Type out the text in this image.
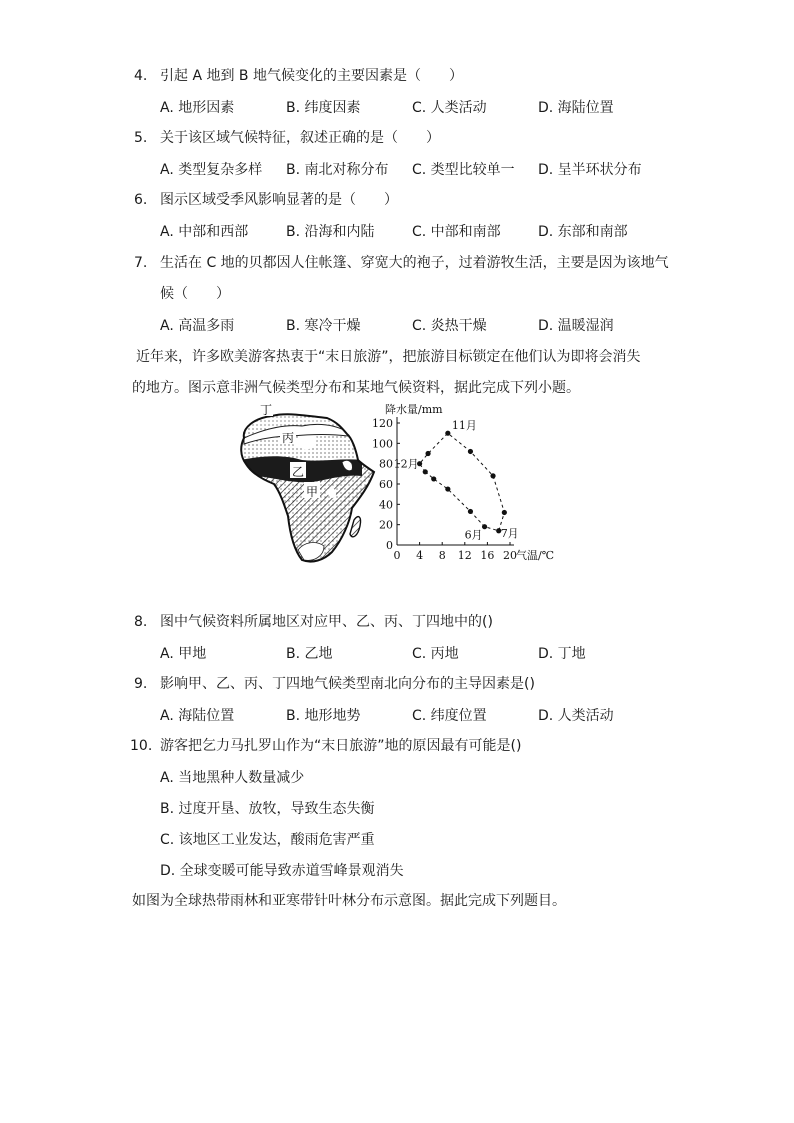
4. 引起 A 地到 B 地气候变化的主要因素是（　　）
A. 地形因素	B. 纬度因素	C. 人类活动	D. 海陆位置
5. 关于该区域气候特征，叙述正确的是（　　）
A. 类型复杂多样 B. 南北对称分布 C. 类型比较单一 D. 呈半环状分布
6. 图示区域受季风影响显著的是（　　）
A. 中部和西部	B. 沿海和内陆	C. 中部和南部	D. 东部和南部
7. 生活在 C 地的贝都因人住帐篷、穿宽大的袍子，过着游牧生活，主要是因为该地气
候（　　）
A. 高温多雨	B. 寒冷干燥	C. 炎热干燥	D. 温暖湿润
近年来，许多欧美游客热衷于“末日旅游”，把旅游目标锁定在他们认为即将会消失
的地方。图示意非洲气候类型分布和某地气候资料，据此完成下列小题。
丁
丙
乙
甲
降水量/mm
气温/℃
0
20
40
60
80
100
120
0 4 8 12 16 20
11月
12月
6月 7月
8. 图中气候资料所属地区对应甲、乙、丙、丁四地中的()
A. 甲地	B. 乙地	C. 丙地	D. 丁地
9. 影响甲、乙、丙、丁四地气候类型南北向分布的主导因素是()
A. 海陆位置	B. 地形地势	C. 纬度位置	D. 人类活动
10. 游客把乞力马扎罗山作为“末日旅游”地的原因最有可能是()
A. 当地黑种人数量减少
B. 过度开垦、放牧，导致生态失衡
C. 该地区工业发达，酸雨危害严重
D. 全球变暖可能导致赤道雪峰景观消失
如图为全球热带雨林和亚寒带针叶林分布示意图。据此完成下列题目。
